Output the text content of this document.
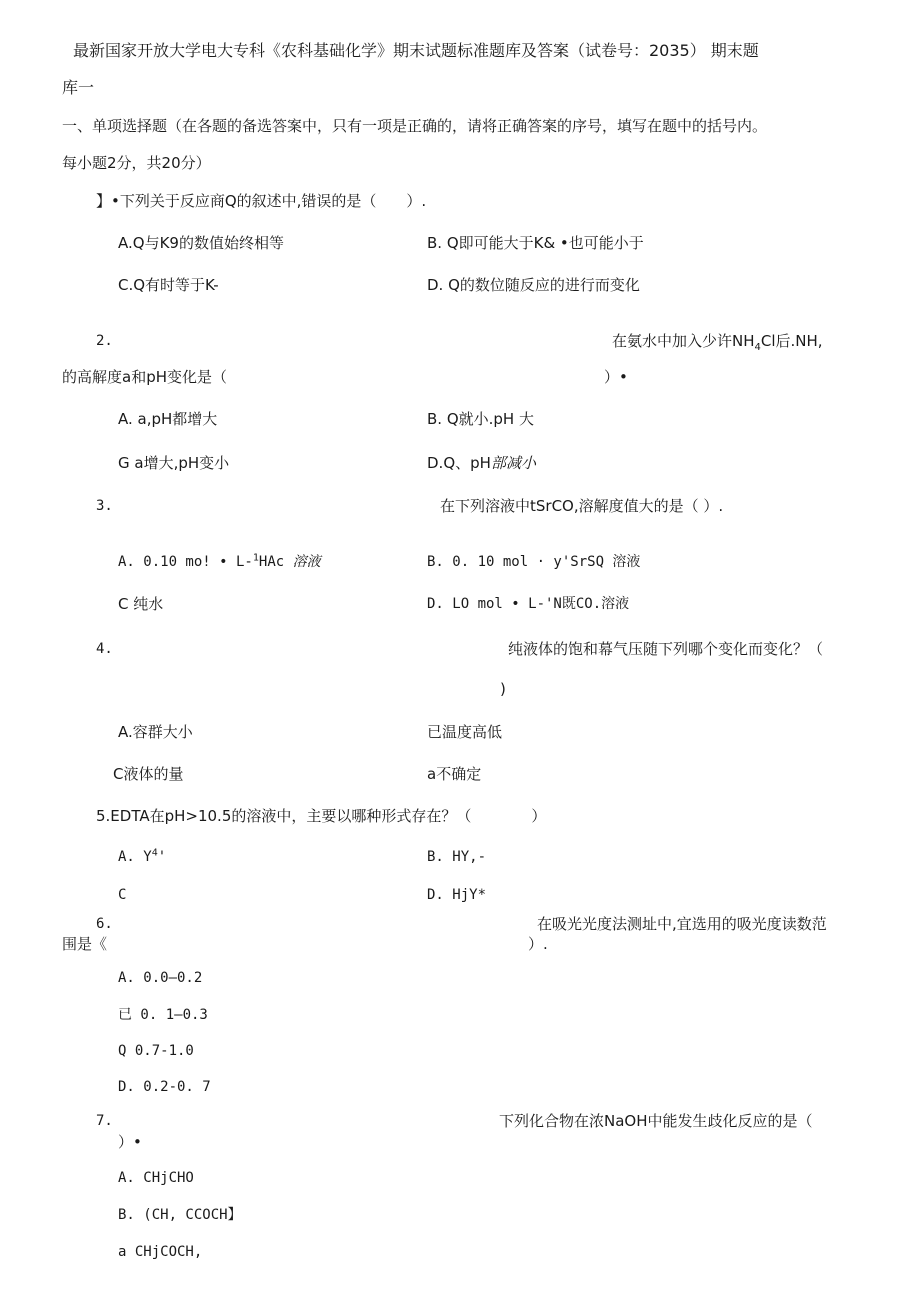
最新国家开放大学电大专科《农科基础化学》期末试题标准题库及答案（试卷号：2035） 期末题
库一
一、单项选择题（在各题的备选答案中，只有一项是正确的，请将正确答案的序号，填写在题中的括号内。
每小题2分，共20分）
】•下列关于反应商Q的叙述中,错误的是（　　）.
A.Q与K9的数值始终相等	B. Q即可能大于K& •也可能小于
C.Q有时等于K-	D. Q的数位随反应的进行而变化
2.	在氨水中加入少许$NH_4Cl$后.NH,
的高解度a和pH变化是（	）•
A. a,pH都增大	B. Q就小.pH 大
G a增大,pH变小	D.Q、pH部减小
3.	在下列溶液中tSrCO,溶解度值大的是（ ）.
A. 0.10 mo! • L-$^1$HAc 溶液	B. 0. 10 mol · y'SrSQ 溶液
C 纯水	D. LO mol • L-'N既CO.溶液
4.	纯液体的饱和幕气压随下列哪个变化而变化？（
)
A.容群大小	已温度高低
C液体的量	a不确定
5.EDTA在pH>10.5的溶液中，主要以哪种形式存在？（　　　　）
A. $Y^4'$	B. HY,-
C	D. HjY*
6.	在吸光光度法测址中,宜选用的吸光度读数范
围是《	）.
A. 0.0—0.2
已 0. 1—0.3
Q 0.7-1.0
D. 0.2-0. 7
7.	下列化合物在浓NaOH中能发生歧化反应的是（
）•
A. CHjCHO
B. (CH, CCOCH】
a CHjCOCH,
